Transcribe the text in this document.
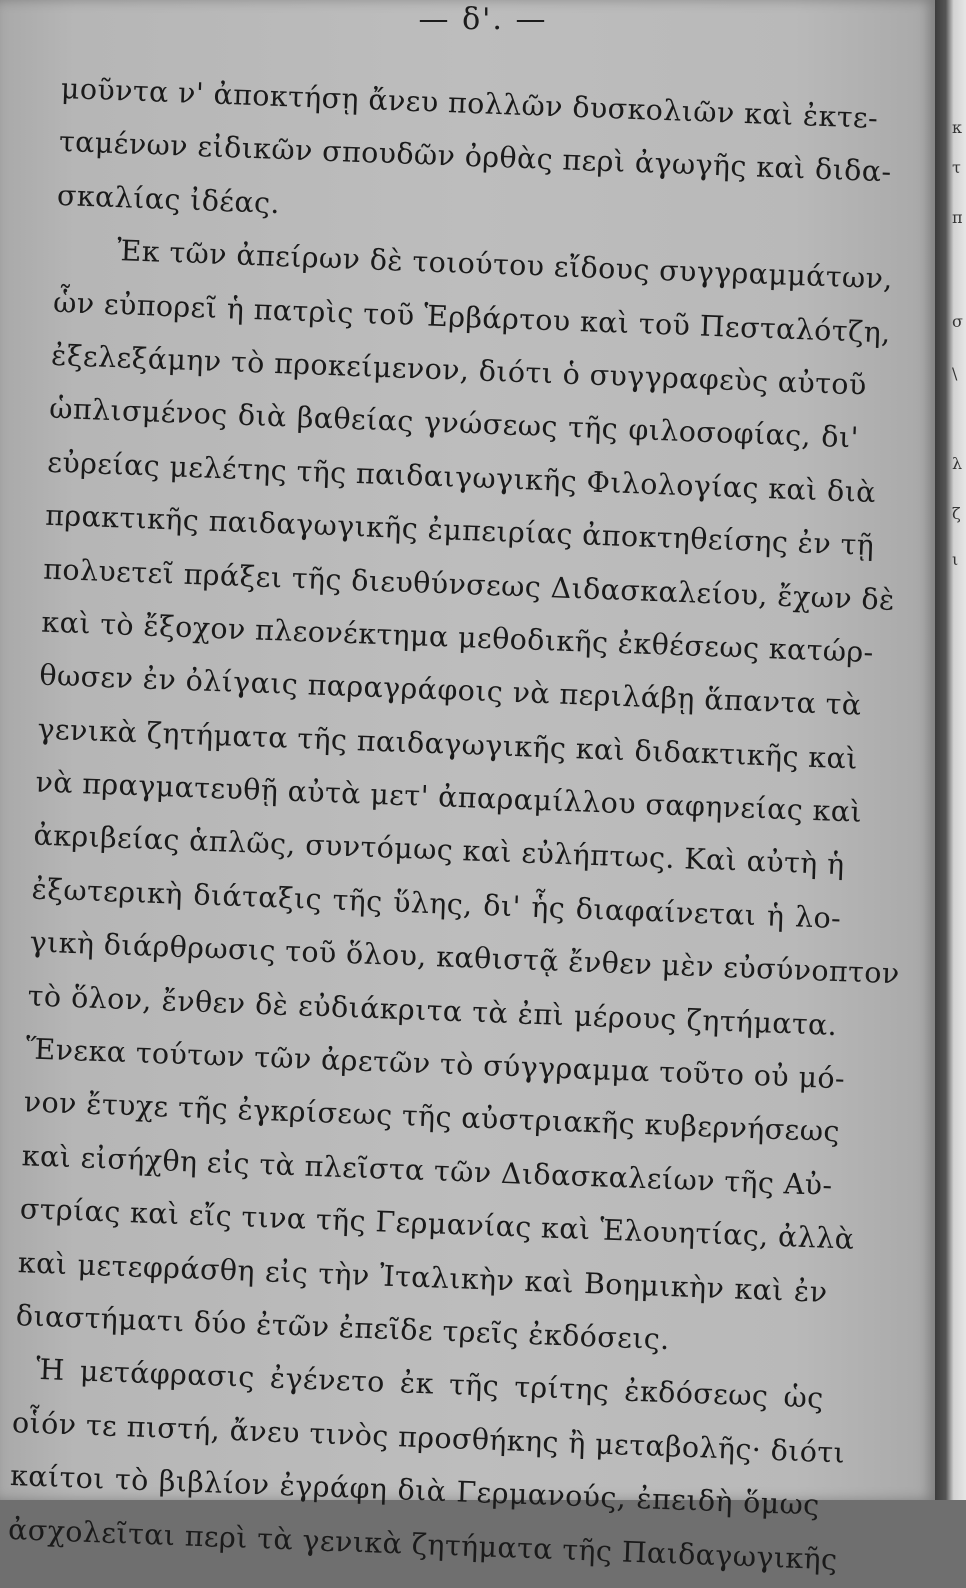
— δ'. —
μοῦντα ν' ἀποκτήσῃ ἄνευ πολλῶν δυσκολιῶν καὶ ἐκτε-
ταμένων εἰδικῶν σπουδῶν ὀρθὰς περὶ ἀγωγῆς καὶ διδα-
σκαλίας ἰδέας.
Ἐκ τῶν ἀπείρων δὲ τοιούτου εἴδους συγγραμμάτων,
ὧν εὐπορεῖ ἡ πατρὶς τοῦ Ἑρβάρτου καὶ τοῦ Πεσταλότζη,
ἐξελεξάμην τὸ προκείμενον, διότι ὁ συγγραφεὺς αὐτοῦ
ὡπλισμένος διὰ βαθείας γνώσεως τῆς φιλοσοφίας, δι'
εὐρείας μελέτης τῆς παιδαιγωγικῆς Φιλολογίας καὶ διὰ
πρακτικῆς παιδαγωγικῆς ἐμπειρίας ἀποκτηθείσης ἐν τῇ
πολυετεῖ πράξει τῆς διευθύνσεως Διδασκαλείου, ἔχων δὲ
καὶ τὸ ἔξοχον πλεονέκτημα μεθοδικῆς ἐκθέσεως κατώρ-
θωσεν ἐν ὀλίγαις παραγράφοις νὰ περιλάβῃ ἅπαντα τὰ
γενικὰ ζητήματα τῆς παιδαγωγικῆς καὶ διδακτικῆς καὶ
νὰ πραγματευθῇ αὐτὰ μετ' ἀπαραμίλλου σαφηνείας καὶ
ἀκριβείας ἁπλῶς, συντόμως καὶ εὐλήπτως. Καὶ αὐτὴ ἡ
ἐξωτερικὴ διάταξις τῆς ὕλης, δι' ἧς διαφαίνεται ἡ λο-
γικὴ διάρθρωσις τοῦ ὅλου, καθιστᾷ ἔνθεν μὲν εὐσύνοπτον
τὸ ὅλον, ἔνθεν δὲ εὐδιάκριτα τὰ ἐπὶ μέρους ζητήματα.
Ἕνεκα τούτων τῶν ἀρετῶν τὸ σύγγραμμα τοῦτο οὐ μό-
νον ἔτυχε τῆς ἐγκρίσεως τῆς αὐστριακῆς κυβερνήσεως
καὶ εἰσήχθη εἰς τὰ πλεῖστα τῶν Διδασκαλείων τῆς Αὐ-
στρίας καὶ εἴς τινα τῆς Γερμανίας καὶ Ἑλουητίας, ἀλλὰ
καὶ μετεφράσθη εἰς τὴν Ἰταλικὴν καὶ Βοημικὴν καὶ ἐν
διαστήματι δύο ἐτῶν ἐπεῖδε τρεῖς ἐκδόσεις.
Ἡ μετάφρασις ἐγένετο ἐκ τῆς τρίτης ἐκδόσεως ὡς
οἷόν τε πιστή, ἄνευ τινὸς προσθήκης ἢ μεταβολῆς· διότι
καίτοι τὸ βιβλίον ἐγράφη διὰ Γερμανούς, ἐπειδὴ ὅμως
ἀσχολεῖται περὶ τὰ γενικὰ ζητήματα τῆς Παιδαγωγικῆς
κ
τ
π
σ
\
λ
ζ
ι
